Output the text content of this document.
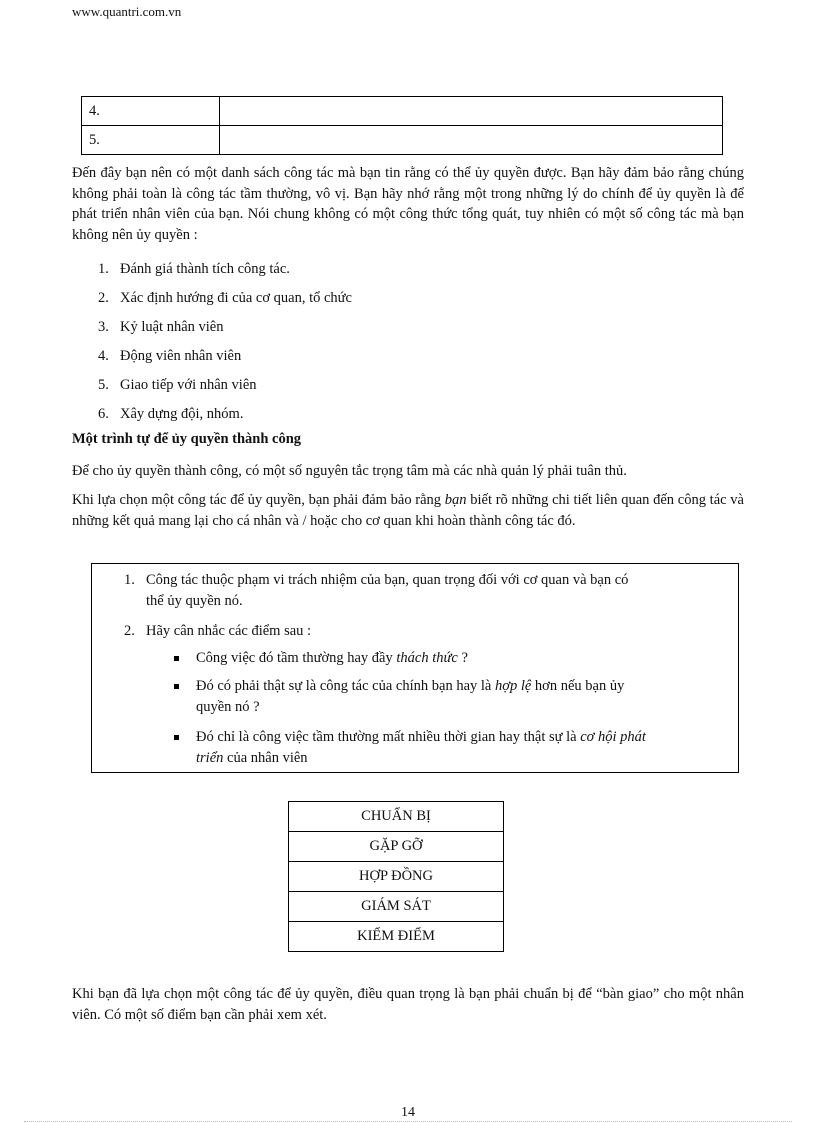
www.quantri.com.vn
4.	
5.	

Đến đây bạn nên có một danh sách công tác mà bạn tin rằng có thể ủy quyền được. Bạn hãy đảm bảo rằng chúng không phải toàn là công tác tầm thường, vô vị. Bạn hãy nhớ rằng một trong những lý do chính để ủy quyền là để phát triển nhân viên của bạn. Nói chung không có một công thức tổng quát, tuy nhiên có một số công tác mà bạn không nên ủy quyền :

1. Đánh giá thành tích công tác.

2. Xác định hướng đi của cơ quan, tổ chức

3. Kỷ luật nhân viên

4. Động viên nhân viên

5. Giao tiếp với nhân viên

6. Xây dựng đội, nhóm.

Một trình tự để ủy quyền thành công

Để cho ủy quyền thành công, có một số nguyên tắc trọng tâm mà các nhà quản lý phải tuân thủ.

Khi lựa chọn một công tác để ủy quyền, bạn phải đảm bảo rằng bạn biết rõ những chi tiết liên quan đến công tác và những kết quả mang lại cho cá nhân và / hoặc cho cơ quan khi hoàn thành công tác đó.

1. Công tác thuộc phạm vi trách nhiệm của bạn, quan trọng đối với cơ quan và bạn có

thể ủy quyền nó.

2. Hãy cân nhắc các điểm sau :

Công việc đó tầm thường hay đầy thách thức ?

Đó có phải thật sự là công tác của chính bạn hay là hợp lệ hơn nếu bạn ủy

quyền nó ?

Đó chỉ là công việc tầm thường mất nhiều thời gian hay thật sự là cơ hội phát

triển của nhân viên

CHUẨN BỊ
GẶP GỠ
HỢP ĐỒNG
GIÁM SÁT
KIỂM ĐIỂM

Khi bạn đã lựa chọn một công tác để ủy quyền, điều quan trọng là bạn phải chuẩn bị để “bàn giao” cho một nhân viên. Có một số điểm bạn cần phải xem xét.

14
